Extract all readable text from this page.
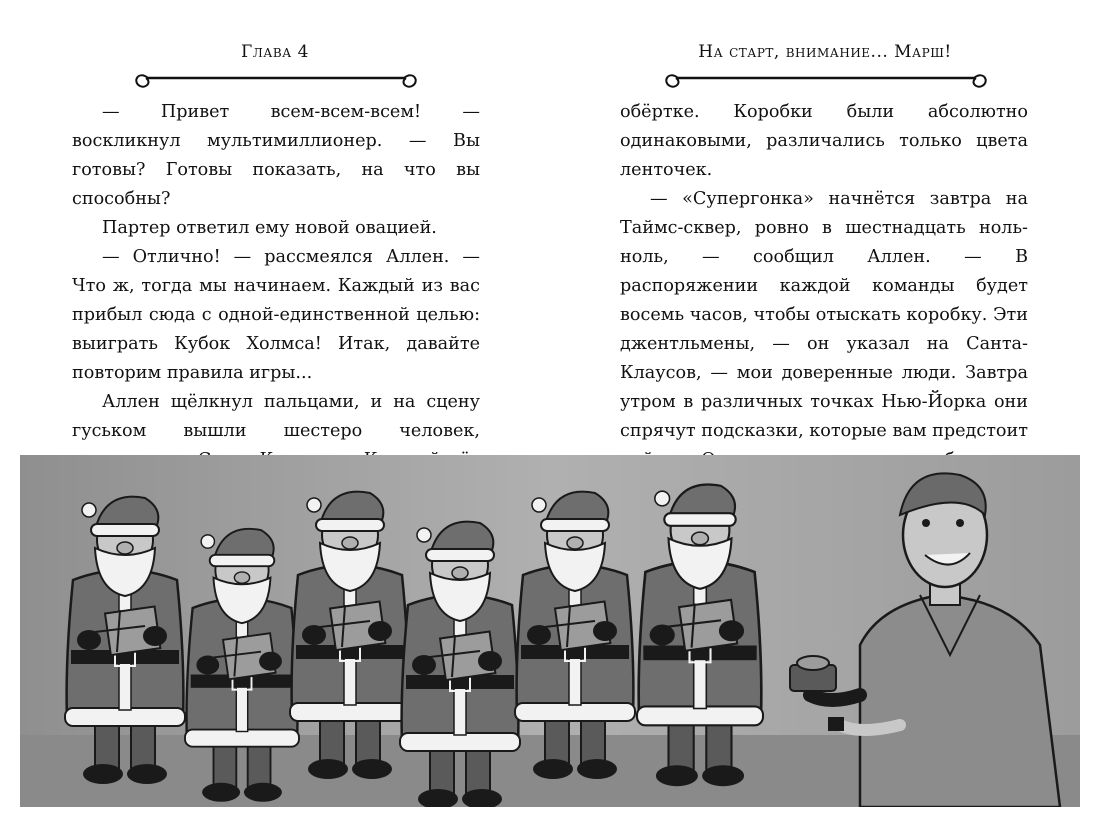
Глава 4

— Привет всем-всем-всем! — воскликнул мультимиллионер. — Вы готовы? Готовы показать, на что вы способны?

Партер ответил ему новой овацией.

— Отлично! — рассмеялся Аллен. — Что ж, тогда мы начинаем. Каждый из вас прибыл сюда с одной-единственной целью: выиграть Кубок Холмса! Итак, давайте повторим правила игры...

Аллен щёлкнул пальцами, и на сцену гуськом вышли шестеро человек,

На старт, внимание... Марш!

обёртке. Коробки были абсолютно одинаковыми, различались только цвета ленточек.

— «Супергонка» начнётся завтра на Таймс-сквер, ровно в шестнадцать ноль-ноль, — сообщил Аллен. — В распоряжении каждой команды будет восемь часов, чтобы отыскать коробку. Эти джентльмены, — он указал на Санта-Клаусов, — мои доверенные люди. Завтра утром в различных точках Нью-Йорка они спрячут подсказки, которые вам предстоит
